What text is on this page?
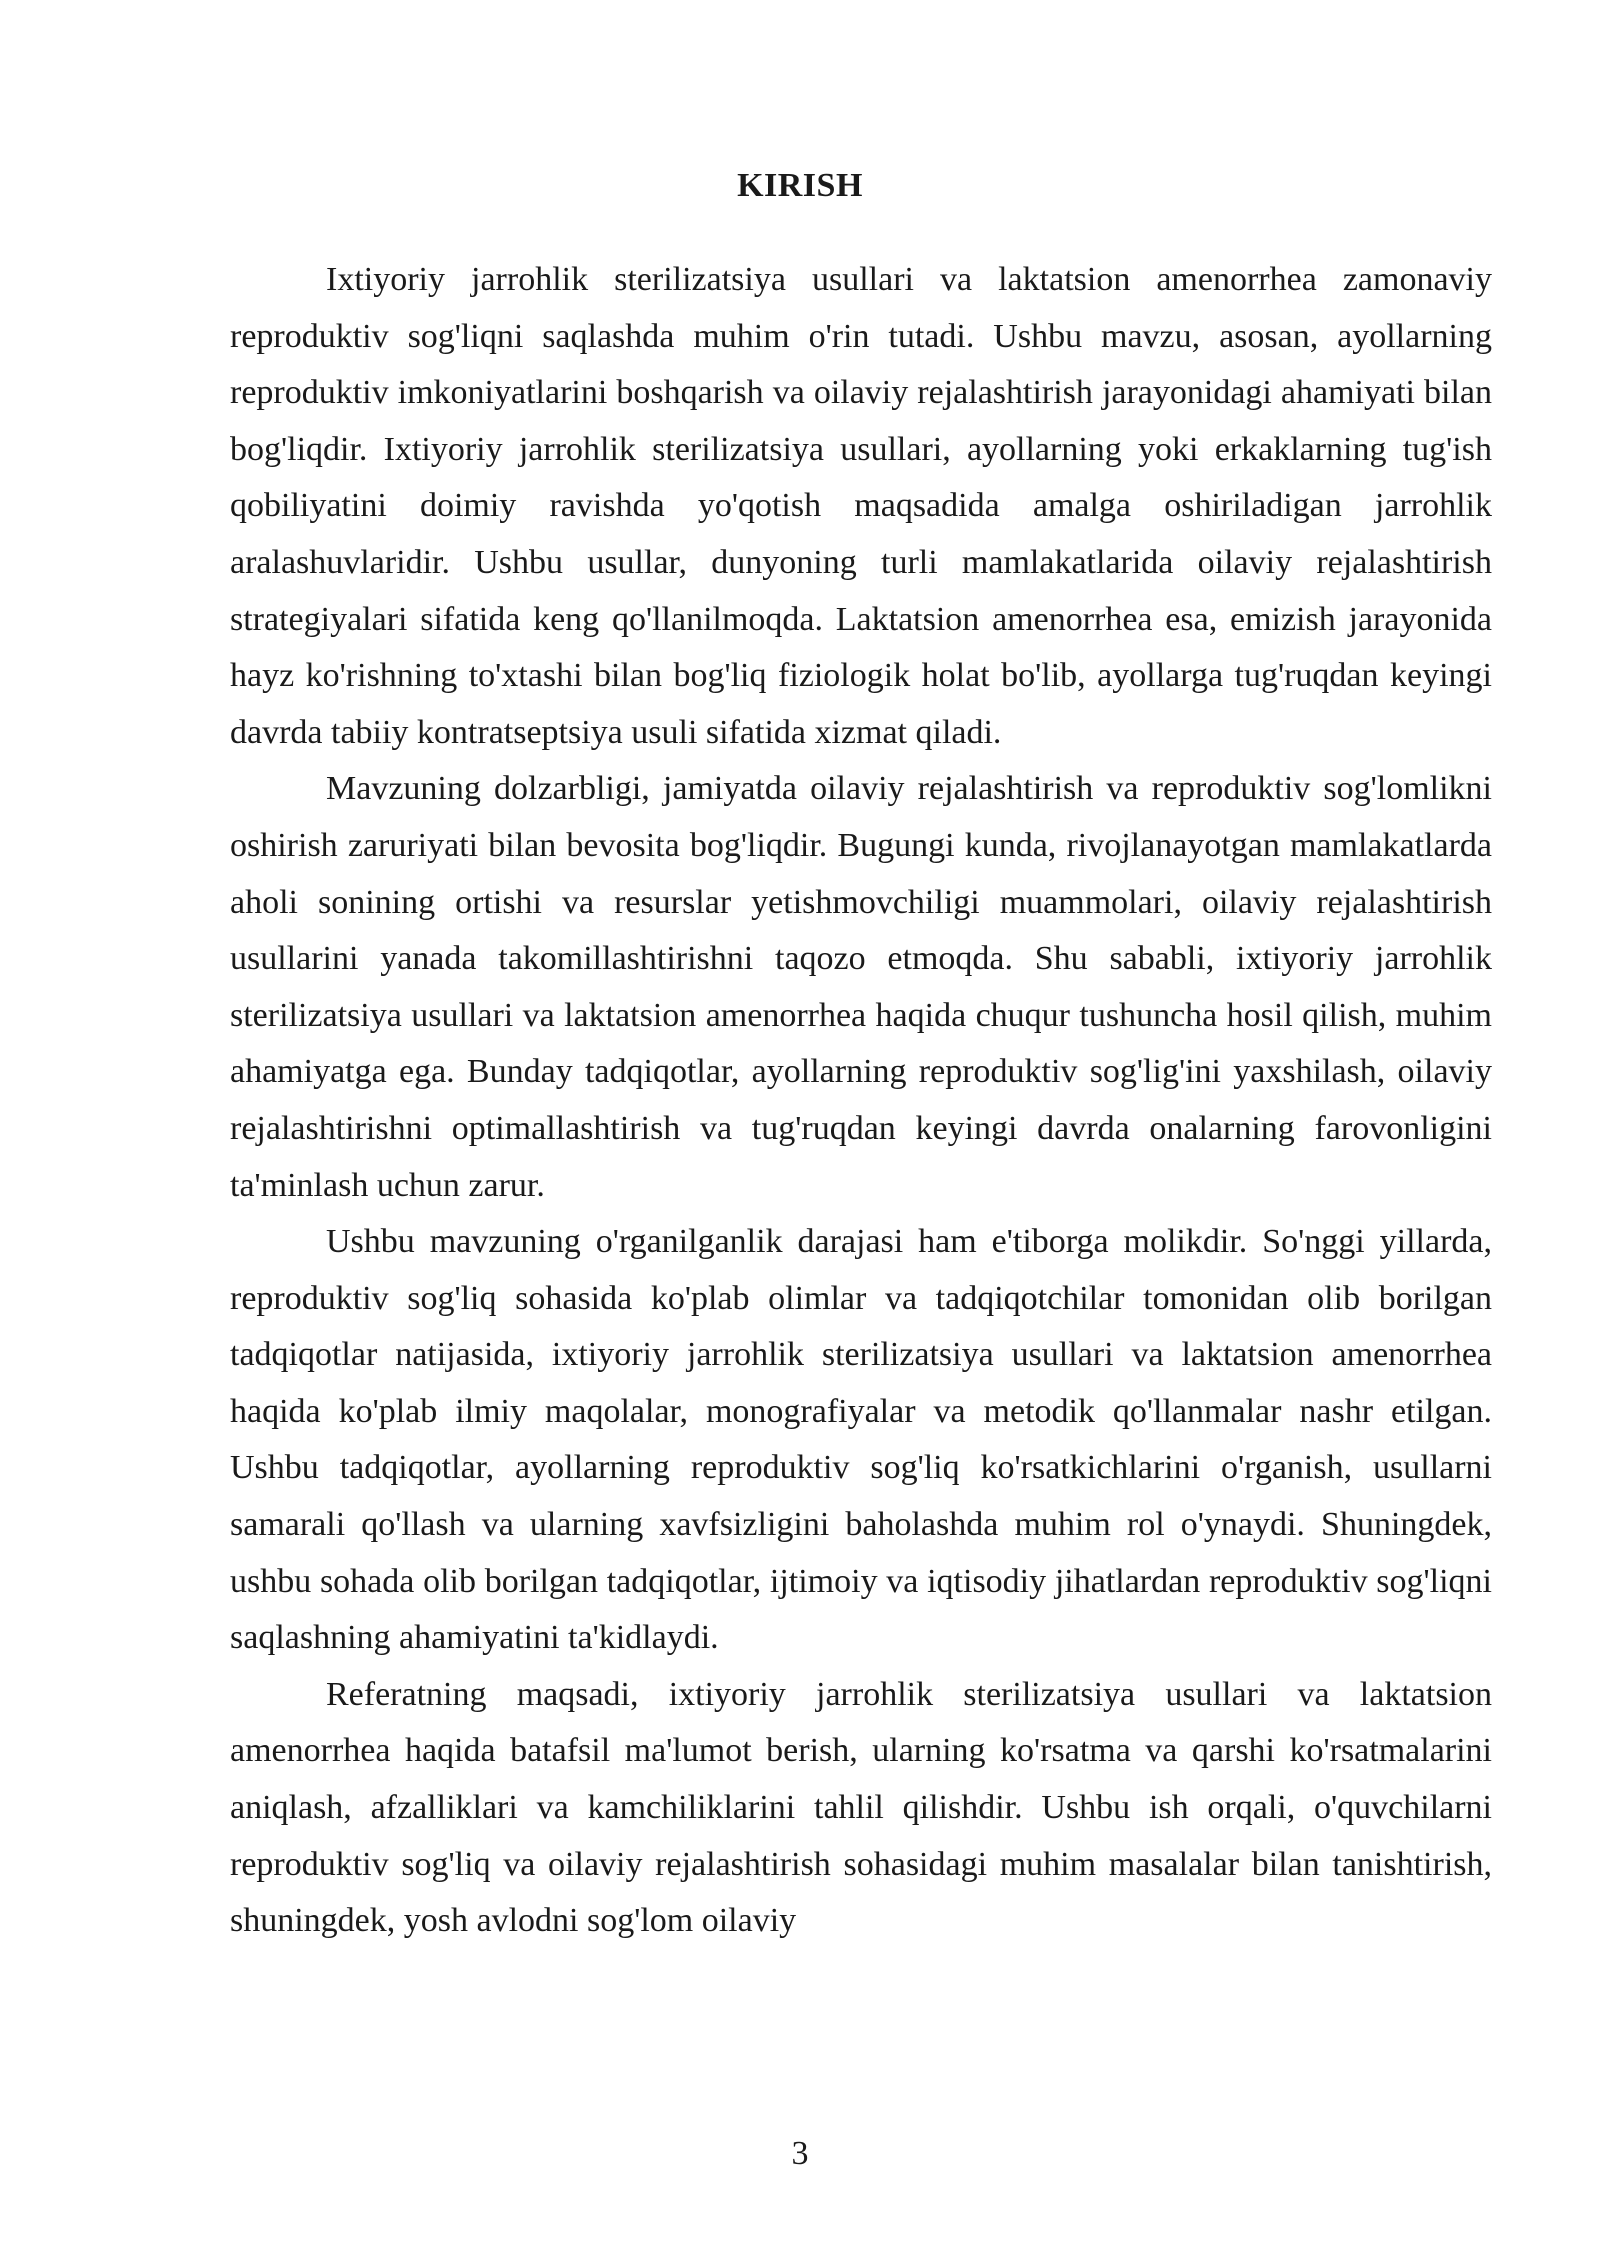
KIRISH

Ixtiyoriy jarrohlik sterilizatsiya usullari va laktatsion amenorrhea zamonaviy reproduktiv sog'liqni saqlashda muhim o'rin tutadi. Ushbu mavzu, asosan, ayollarning reproduktiv imkoniyatlarini boshqarish va oilaviy rejalashtirish jarayonidagi ahamiyati bilan bog'liqdir. Ixtiyoriy jarrohlik sterilizatsiya usullari, ayollarning yoki erkaklarning tug'ish qobiliyatini doimiy ravishda yo'qotish maqsadida amalga oshiriladigan jarrohlik aralashuvlaridir. Ushbu usullar, dunyoning turli mamlakatlarida oilaviy rejalashtirish strategiyalari sifatida keng qo'llanilmoqda. Laktatsion amenorrhea esa, emizish jarayonida hayz ko'rishning to'xtashi bilan bog'liq fiziologik holat bo'lib, ayollarga tug'ruqdan keyingi davrda tabiiy kontratseptsiya usuli sifatida xizmat qiladi.

Mavzuning dolzarbligi, jamiyatda oilaviy rejalashtirish va reproduktiv sog'lomlikni oshirish zaruriyati bilan bevosita bog'liqdir. Bugungi kunda, rivojlanayotgan mamlakatlarda aholi sonining ortishi va resurslar yetishmovchiligi muammolari, oilaviy rejalashtirish usullarini yanada takomillashtirishni taqozo etmoqda. Shu sababli, ixtiyoriy jarrohlik sterilizatsiya usullari va laktatsion amenorrhea haqida chuqur tushuncha hosil qilish, muhim ahamiyatga ega. Bunday tadqiqotlar, ayollarning reproduktiv sog'lig'ini yaxshilash, oilaviy rejalashtirishni optimallashtirish va tug'ruqdan keyingi davrda onalarning farovonligini ta'minlash uchun zarur.

Ushbu mavzuning o'rganilganlik darajasi ham e'tiborga molikdir. So'nggi yillarda, reproduktiv sog'liq sohasida ko'plab olimlar va tadqiqotchilar tomonidan olib borilgan tadqiqotlar natijasida, ixtiyoriy jarrohlik sterilizatsiya usullari va laktatsion amenorrhea haqida ko'plab ilmiy maqolalar, monografiyalar va metodik qo'llanmalar nashr etilgan. Ushbu tadqiqotlar, ayollarning reproduktiv sog'liq ko'rsatkichlarini o'rganish, usullarni samarali qo'llash va ularning xavfsizligini baholashda muhim rol o'ynaydi. Shuningdek, ushbu sohada olib borilgan tadqiqotlar, ijtimoiy va iqtisodiy jihatlardan reproduktiv sog'liqni saqlashning ahamiyatini ta'kidlaydi.

Referatning maqsadi, ixtiyoriy jarrohlik sterilizatsiya usullari va laktatsion amenorrhea haqida batafsil ma'lumot berish, ularning ko'rsatma va qarshi ko'rsatmalarini aniqlash, afzalliklari va kamchiliklarini tahlil qilishdir. Ushbu ish orqali, o'quvchilarni reproduktiv sog'liq va oilaviy rejalashtirish sohasidagi muhim masalalar bilan tanishtirish, shuningdek, yosh avlodni sog'lom oilaviy

3
